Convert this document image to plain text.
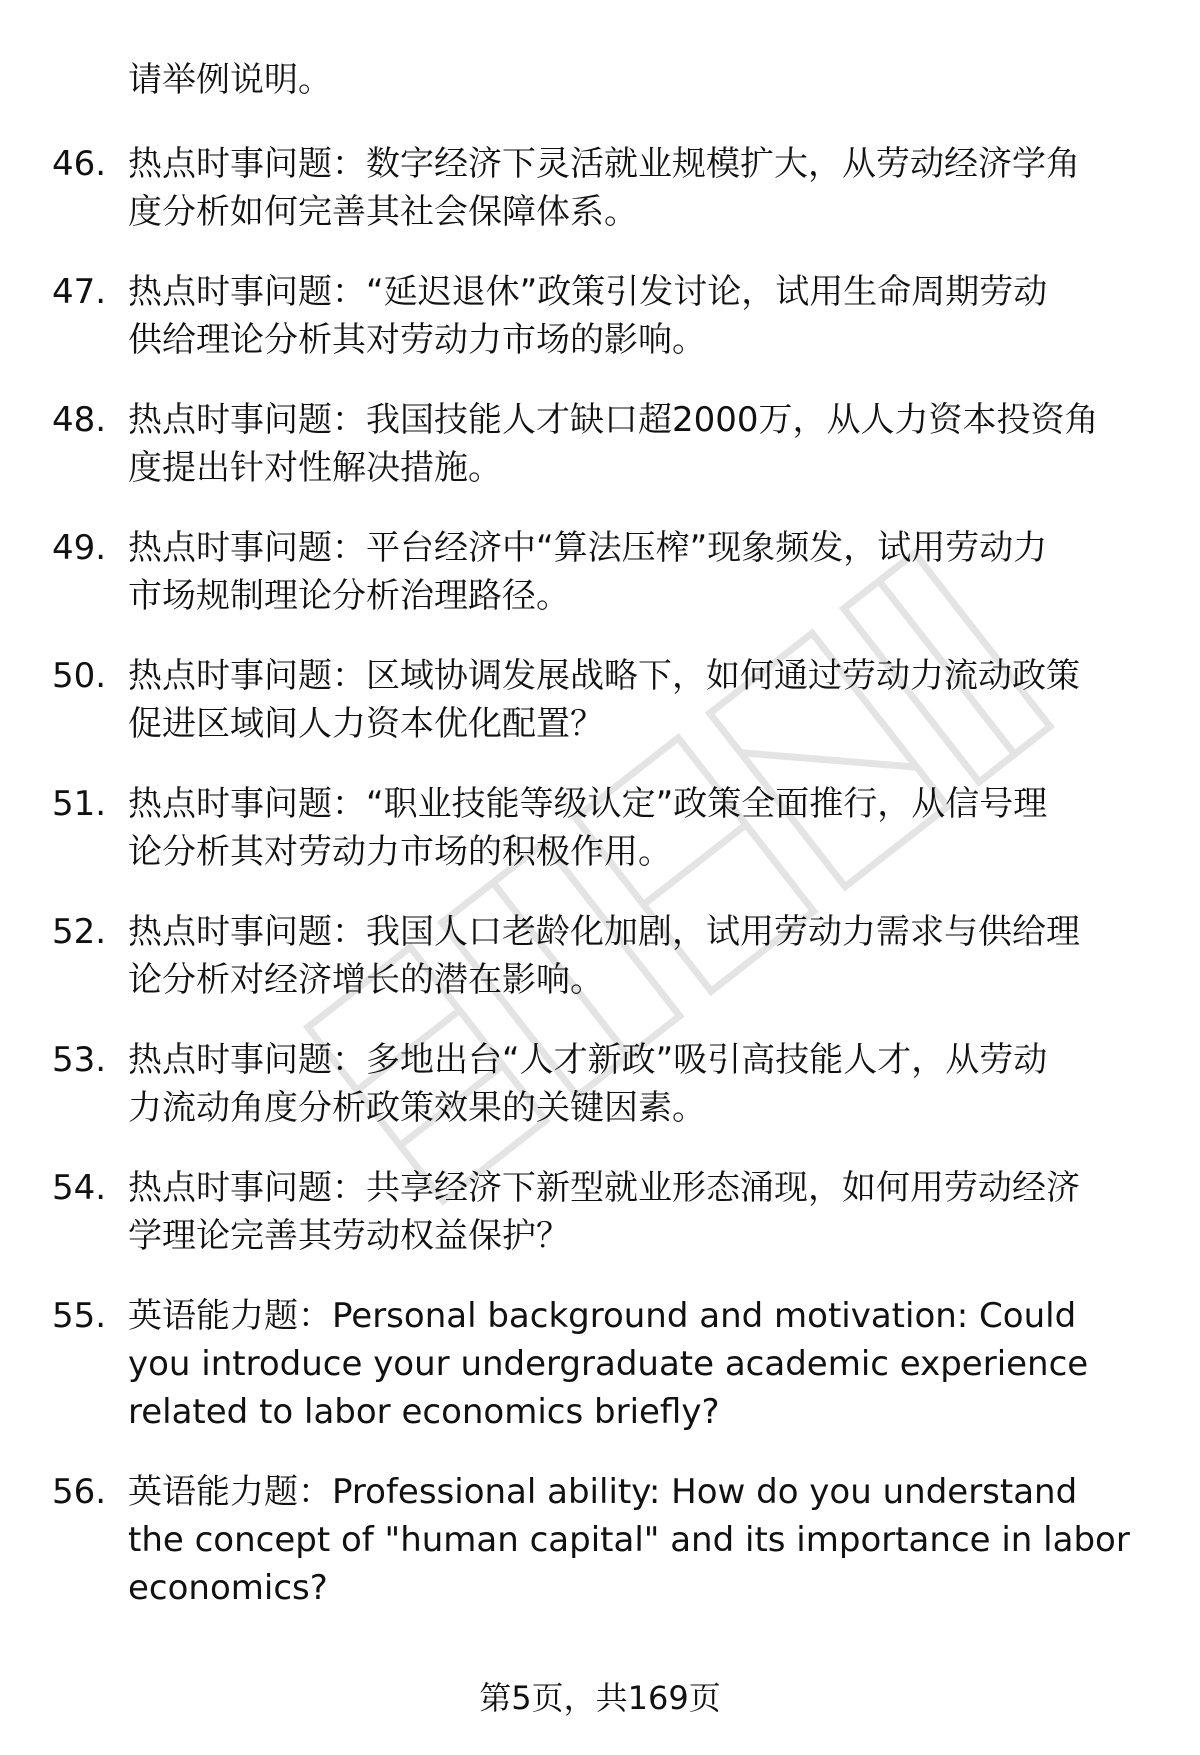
请举例说明。
46. 热点时事问题：数字经济下灵活就业规模扩大，从劳动经济学角
度分析如何完善其社会保障体系。
47. 热点时事问题：“延迟退休”政策引发讨论，试用生命周期劳动
供给理论分析其对劳动力市场的影响。
48. 热点时事问题：我国技能人才缺口超2000万，从人力资本投资角
度提出针对性解决措施。
49. 热点时事问题：平台经济中“算法压榨”现象频发，试用劳动力
市场规制理论分析治理路径。
50. 热点时事问题：区域协调发展战略下，如何通过劳动力流动政策
促进区域间人力资本优化配置？
51. 热点时事问题：“职业技能等级认定”政策全面推行，从信号理
论分析其对劳动力市场的积极作用。
52. 热点时事问题：我国人口老龄化加剧，试用劳动力需求与供给理
论分析对经济增长的潜在影响。
53. 热点时事问题：多地出台“人才新政”吸引高技能人才，从劳动
力流动角度分析政策效果的关键因素。
54. 热点时事问题：共享经济下新型就业形态涌现，如何用劳动经济
学理论完善其劳动权益保护？
55. 英语能力题：Personal background and motivation: Could
you introduce your undergraduate academic experience
related to labor economics briefly?
56. 英语能力题：Professional ability: How do you understand
the concept of "human capital" and its importance in labor
economics?
第5页，共169页
